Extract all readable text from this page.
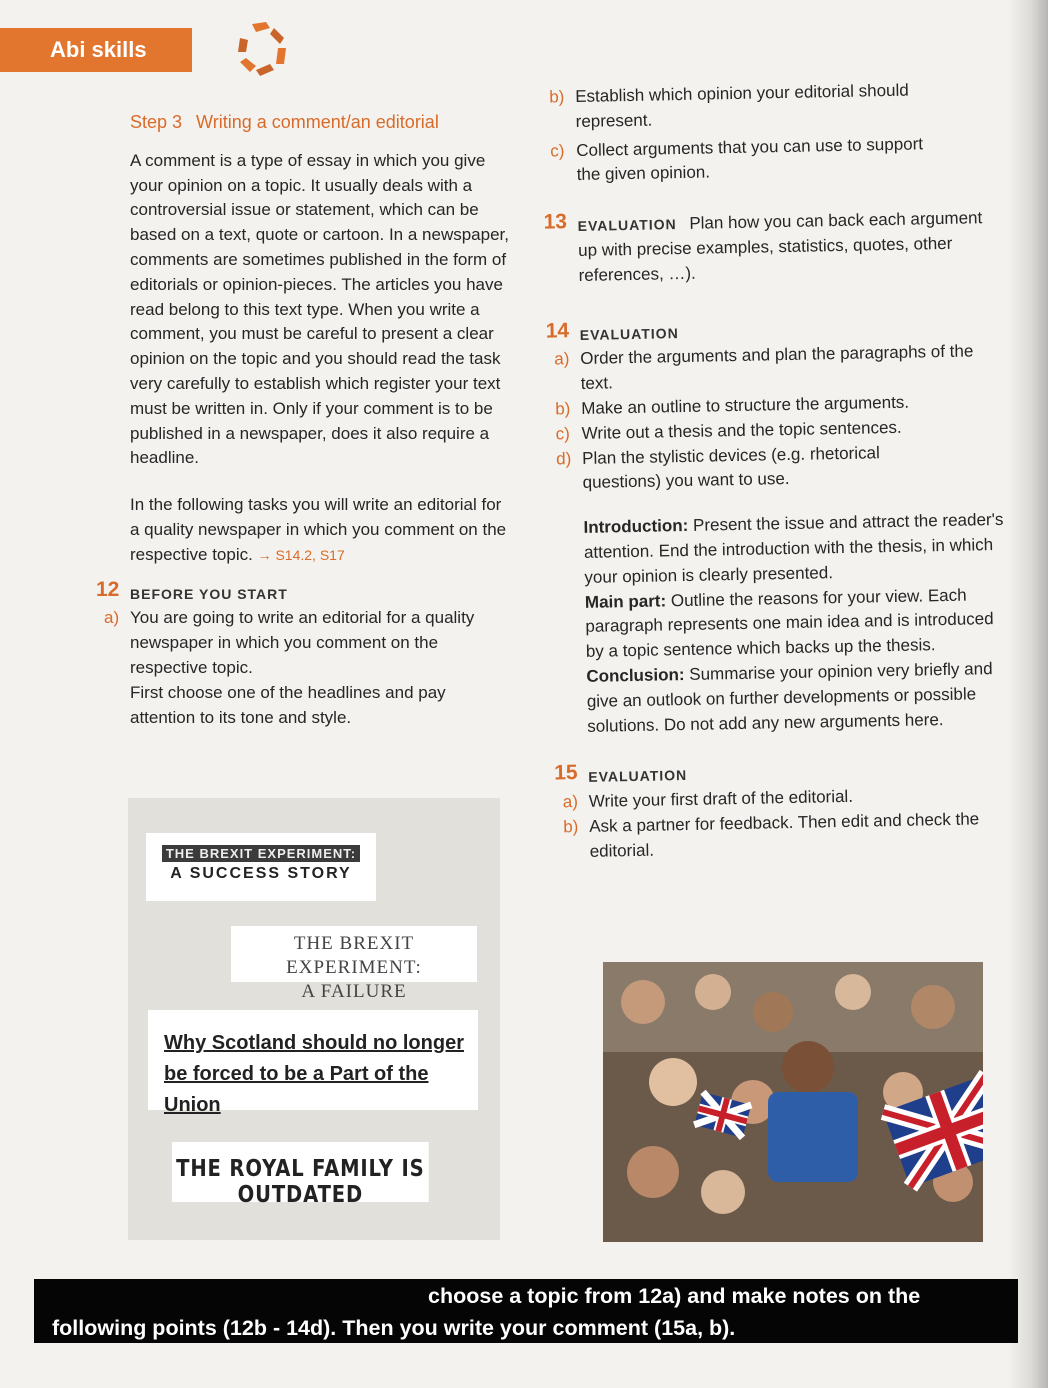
Abi skills
Step 3 Writing a comment/an editorial

A comment is a type of essay in which you give your opinion on a topic. It usually deals with a controversial issue or statement, which can be based on a text, quote or cartoon. In a newspaper, comments are sometimes published in the form of editorials or opinion-pieces. The articles you have read belong to this text type. When you write a comment, you must be careful to present a clear opinion on the topic and you should read the task very carefully to establish which register your text must be written in. Only if your comment is to be published in a newspaper, does it also require a headline.

In the following tasks you will write an editorial for a quality newspaper in which you comment on the respective topic. → S14.2, S17

12 BEFORE YOU START
a) You are going to write an editorial for a quality newspaper in which you comment on the respective topic.
First choose one of the headlines and pay attention to its tone and style.
THE BREXIT EXPERIMENT:
A SUCCESS STORY
THE BREXIT EXPERIMENT:
A FAILURE
Why Scotland should no longer
be forced to be a Part of the Union
THE ROYAL FAMILY IS OUTDATED
b) Establish which opinion your editorial should represent.
c) Collect arguments that you can use to support the given opinion.
13 EVALUATION Plan how you can back each argument up with precise examples, statistics, quotes, other references, …).
14 EVALUATION
a) Order the arguments and plan the paragraphs of the text.
b) Make an outline to structure the arguments.
c) Write out a thesis and the topic sentences.
d) Plan the stylistic devices (e.g. rhetorical questions) you want to use.
Introduction: Present the issue and attract the reader's attention. End the introduction with the thesis, in which your opinion is clearly presented.
Main part: Outline the reasons for your view. Each paragraph represents one main idea and is introduced by a topic sentence which backs up the thesis.
Conclusion: Summarise your opinion very briefly and give an outlook on further developments or possible solutions. Do not add any new arguments here.
15 EVALUATION
a) Write your first draft of the editorial.
b) Ask a partner for feedback. Then edit and check the editorial.
choose a topic from 12a) and make notes on the
following points (12b - 14d). Then you write your comment (15a, b).
